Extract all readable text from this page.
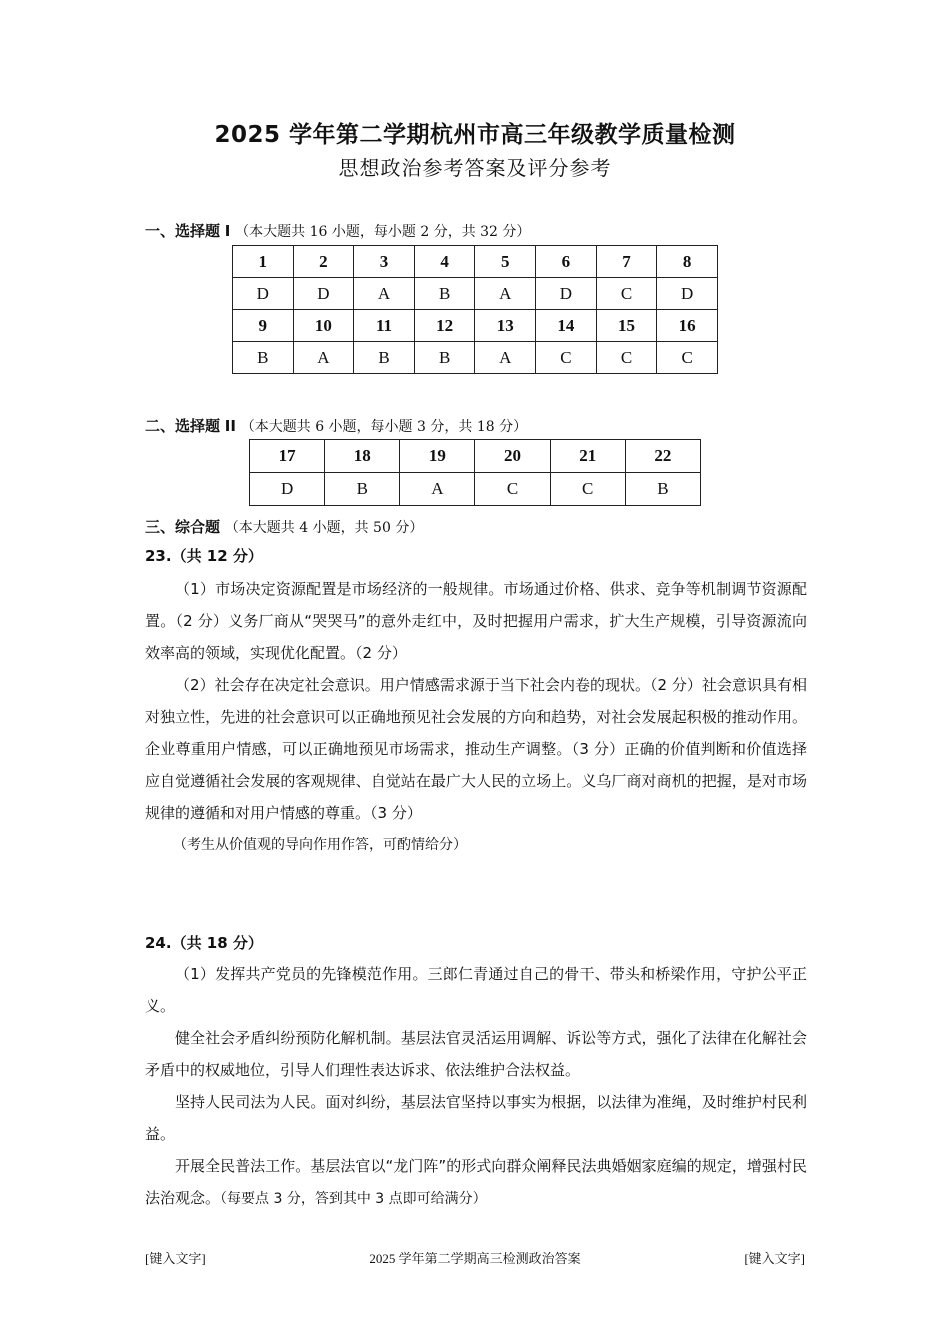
2025 学年第二学期杭州市高三年级教学质量检测
思想政治参考答案及评分参考
一、选择题 I （本大题共 16 小题，每小题 2 分，共 32 分）
1	2	3	4	5	6	7	8
D	D	A	B	A	D	C	D
9	10	11	12	13	14	15	16
B	A	B	B	A	C	C	C
二、选择题 II （本大题共 6 小题，每小题 3 分，共 18 分）
17	18	19	20	21	22
D	B	A	C	C	B
三、综合题 （本大题共 4 小题，共 50 分）
23.（共 12 分）
（1）市场决定资源配置是市场经济的一般规律。市场通过价格、供求、竞争等机制调节资源配置。（2 分）义务厂商从“哭哭马”的意外走红中，及时把握用户需求，扩大生产规模，引导资源流向效率高的领域，实现优化配置。（2 分）
（2）社会存在决定社会意识。用户情感需求源于当下社会内卷的现状。（2 分）社会意识具有相对独立性，先进的社会意识可以正确地预见社会发展的方向和趋势，对社会发展起积极的推动作用。企业尊重用户情感，可以正确地预见市场需求，推动生产调整。（3 分）正确的价值判断和价值选择应自觉遵循社会发展的客观规律、自觉站在最广大人民的立场上。义乌厂商对商机的把握，是对市场规律的遵循和对用户情感的尊重。（3 分）
（考生从价值观的导向作用作答，可酌情给分）
24.（共 18 分）
（1）发挥共产党员的先锋模范作用。三郎仁青通过自己的骨干、带头和桥梁作用，守护公平正义。
健全社会矛盾纠纷预防化解机制。基层法官灵活运用调解、诉讼等方式，强化了法律在化解社会矛盾中的权威地位，引导人们理性表达诉求、依法维护合法权益。
坚持人民司法为人民。面对纠纷，基层法官坚持以事实为根据，以法律为准绳，及时维护村民利益。
开展全民普法工作。基层法官以“龙门阵”的形式向群众阐释民法典婚姻家庭编的规定，增强村民法治观念。（每要点 3 分，答到其中 3 点即可给满分）
[键入文字]	2025 学年第二学期高三检测政治答案	[键入文字]
